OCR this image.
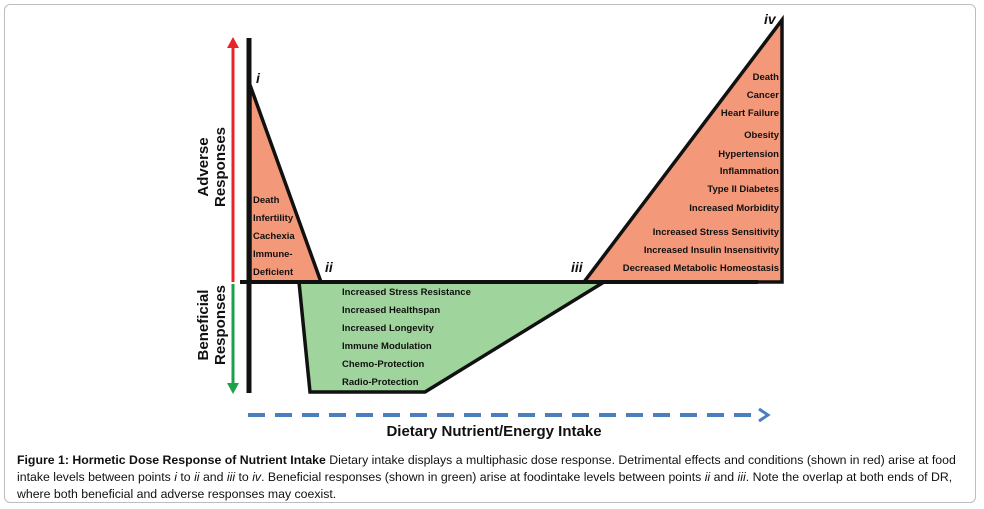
Adverse Responses
Beneficial Responses
i
ii	iii
iv
Death
Infertility
Cachexia
Immune-
Deficient
Death
Cancer
Heart Failure
Obesity
Hypertension
Inflammation
Type II Diabetes
Increased Morbidity
Increased Stress Sensitivity
Increased Insulin Insensitivity
Decreased Metabolic Homeostasis
Increased Stress Resistance
Increased Healthspan
Increased Longevity
Immune Modulation
Chemo-Protection
Radio-Protection
Dietary Nutrient/Energy Intake
Figure 1: Hormetic Dose Response of Nutrient Intake Dietary intake displays a multiphasic dose response. Detrimental effects and conditions (shown in red) arise at food intake levels between points i to ii and iii to iv. Beneficial responses (shown in green) arise at foodintake levels between points ii and iii. Note the overlap at both ends of DR, where both beneficial and adverse responses may coexist.
